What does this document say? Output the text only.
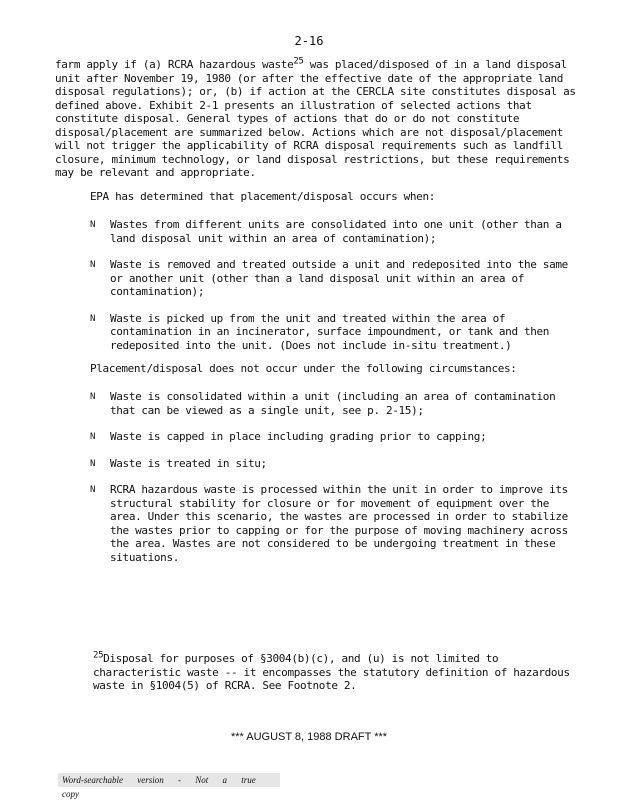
2-16
farm apply if (a) RCRA hazardous waste$^{25}$ was placed/disposed of in a land disposal unit after November 19, 1980 (or after the effective date of the appropriate land disposal regulations); or, (b) if action at the CERCLA site constitutes disposal as defined above. Exhibit 2-1 presents an illustration of selected actions that constitute disposal. General types of actions that do or do not constitute disposal/placement are summarized below. Actions which are not disposal/placement will not trigger the applicability of RCRA disposal requirements such as landfill closure, minimum technology, or land disposal restrictions, but these requirements may be relevant and appropriate.
EPA has determined that placement/disposal occurs when:
N Wastes from different units are consolidated into one unit (other than a land disposal unit within an area of contamination);
N Waste is removed and treated outside a unit and redeposited into the same or another unit (other than a land disposal unit within an area of contamination);
N Waste is picked up from the unit and treated within the area of contamination in an incinerator, surface impoundment, or tank and then redeposited into the unit. (Does not include in-situ treatment.)
Placement/disposal does not occur under the following circumstances:
N Waste is consolidated within a unit (including an area of contamination that can be viewed as a single unit, see p. 2-15);
N Waste is capped in place including grading prior to capping;
N Waste is treated in situ;
N RCRA hazardous waste is processed within the unit in order to improve its structural stability for closure or for movement of equipment over the area. Under this scenario, the wastes are processed in order to stabilize the wastes prior to capping or for the purpose of moving machinery across the area. Wastes are not considered to be undergoing treatment in these situations.
$^{25}$Disposal for purposes of §3004(b)(c), and (u) is not limited to characteristic waste -- it encompasses the statutory definition of hazardous waste in §1004(5) of RCRA. See Footnote 2.
*** AUGUST 8, 1988 DRAFT ***
Word-searchable version - Not a true copy
